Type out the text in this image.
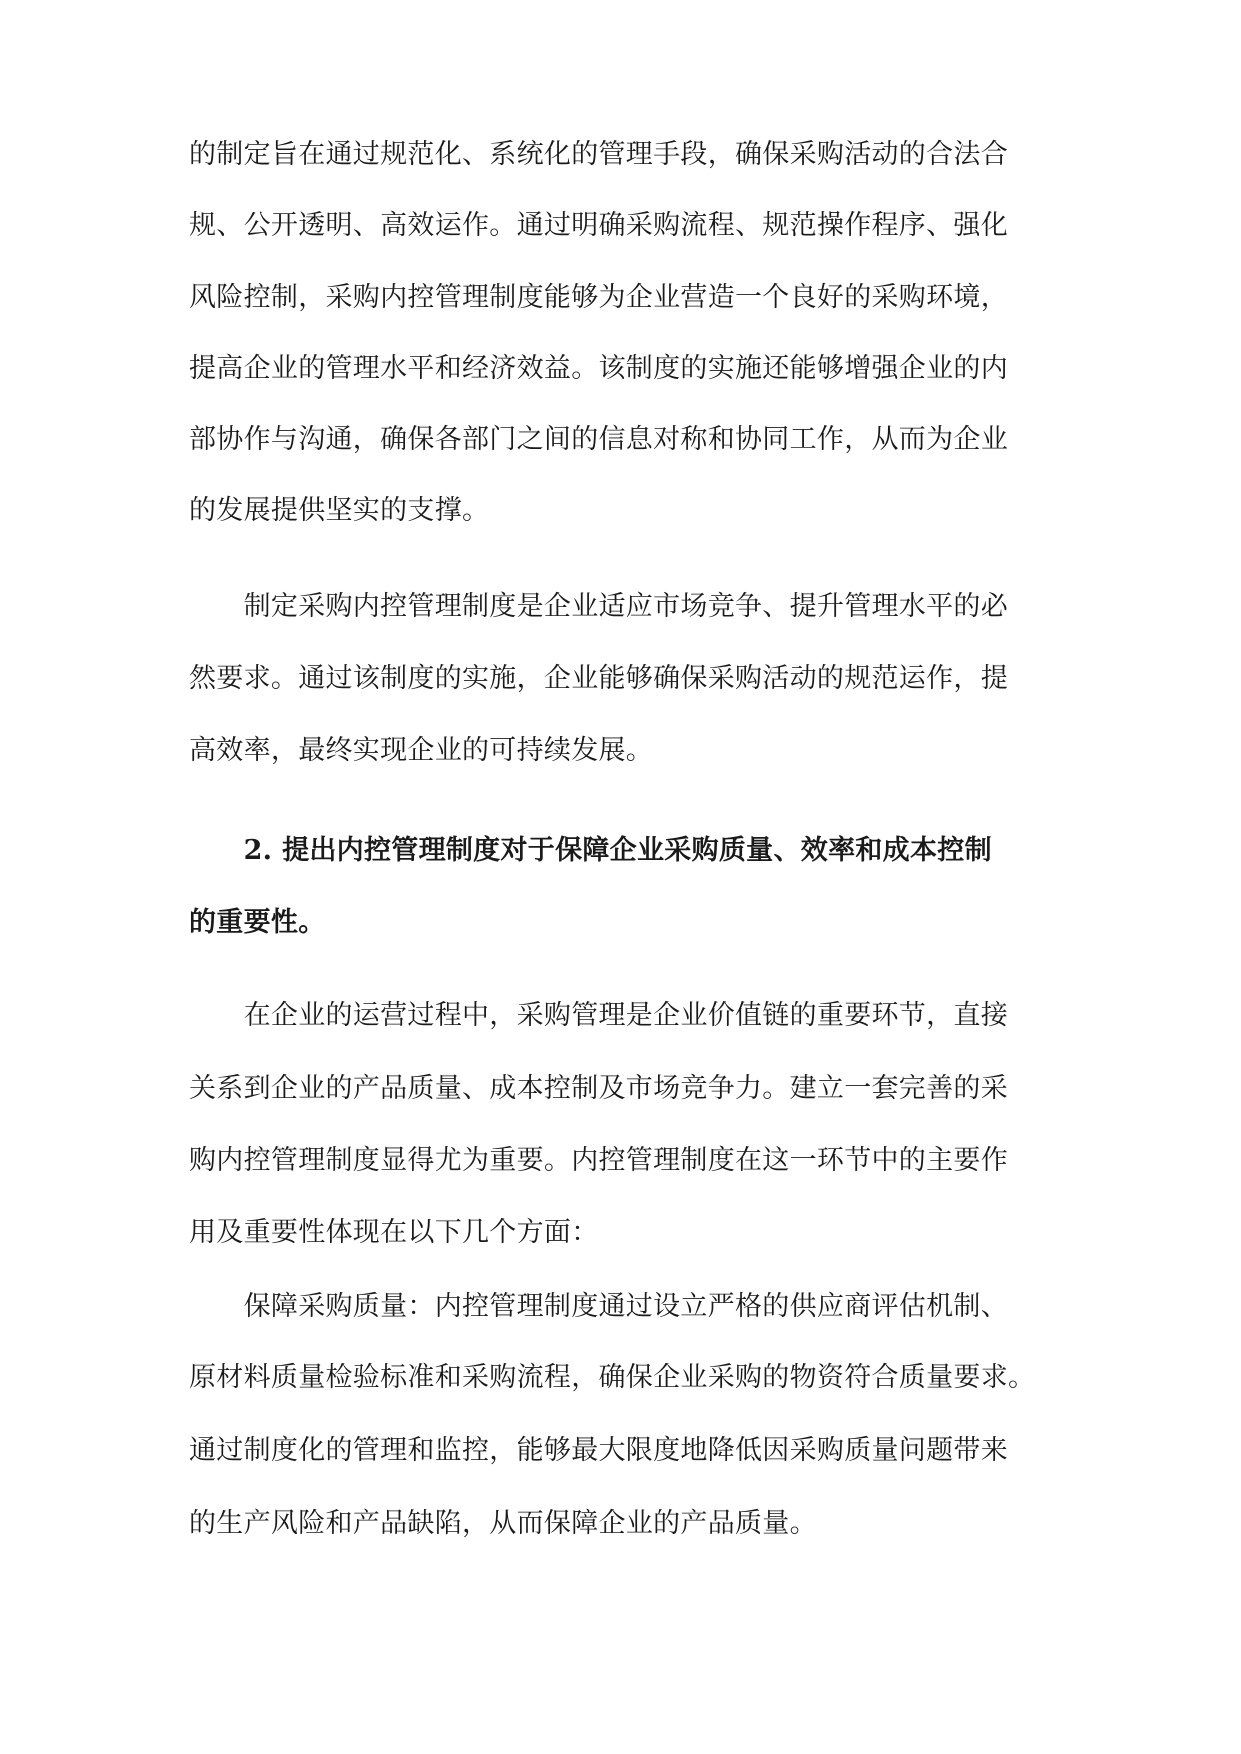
的制定旨在通过规范化、系统化的管理手段，确保采购活动的合法合
规、公开透明、高效运作。通过明确采购流程、规范操作程序、强化
风险控制，采购内控管理制度能够为企业营造一个良好的采购环境，
提高企业的管理水平和经济效益。该制度的实施还能够增强企业的内
部协作与沟通，确保各部门之间的信息对称和协同工作，从而为企业
的发展提供坚实的支撑。
　　制定采购内控管理制度是企业适应市场竞争、提升管理水平的必
然要求。通过该制度的实施，企业能够确保采购活动的规范运作，提
高效率，最终实现企业的可持续发展。
　　2. 提出内控管理制度对于保障企业采购质量、效率和成本控制
的重要性。
　　在企业的运营过程中，采购管理是企业价值链的重要环节，直接
关系到企业的产品质量、成本控制及市场竞争力。建立一套完善的采
购内控管理制度显得尤为重要。内控管理制度在这一环节中的主要作
用及重要性体现在以下几个方面：
　　保障采购质量：内控管理制度通过设立严格的供应商评估机制、
原材料质量检验标准和采购流程，确保企业采购的物资符合质量要求。
通过制度化的管理和监控，能够最大限度地降低因采购质量问题带来
的生产风险和产品缺陷，从而保障企业的产品质量。
